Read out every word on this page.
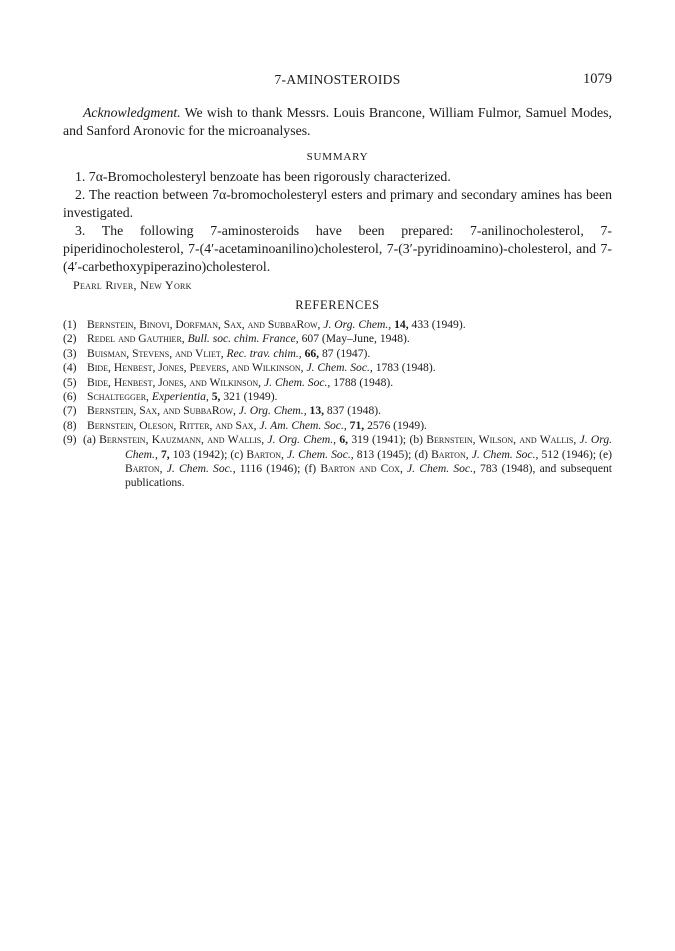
7-AMINOSTEROIDS	1079
Acknowledgment. We wish to thank Messrs. Louis Brancone, William Fulmor, Samuel Modes, and Sanford Aronovic for the microanalyses.
SUMMARY
1. 7α-Bromocholesteryl benzoate has been rigorously characterized.
2. The reaction between 7α-bromocholesteryl esters and primary and secondary amines has been investigated.
3. The following 7-aminosteroids have been prepared: 7-anilinocholesterol, 7-piperidinocholesterol, 7-(4′-acetaminoanilino)cholesterol, 7-(3′-pyridinoamino)-cholesterol, and 7-(4′-carbethoxypiperazino)cholesterol.
Pearl River, New York
REFERENCES
(1) Bernstein, Binovi, Dorfman, Sax, and SubbaRow, J. Org. Chem., 14, 433 (1949).
(2) Redel and Gauthier, Bull. soc. chim. France, 607 (May–June, 1948).
(3) Buisman, Stevens, and Vliet, Rec. trav. chim., 66, 87 (1947).
(4) Bide, Henbest, Jones, Peevers, and Wilkinson, J. Chem. Soc., 1783 (1948).
(5) Bide, Henbest, Jones, and Wilkinson, J. Chem. Soc., 1788 (1948).
(6) Schaltegger, Experientia, 5, 321 (1949).
(7) Bernstein, Sax, and SubbaRow, J. Org. Chem., 13, 837 (1948).
(8) Bernstein, Oleson, Ritter, and Sax, J. Am. Chem. Soc., 71, 2576 (1949).
(9) (a) Bernstein, Kauzmann, and Wallis, J. Org. Chem., 6, 319 (1941); (b) Bernstein, Wilson, and Wallis, J. Org. Chem., 7, 103 (1942); (c) Barton, J. Chem. Soc., 813 (1945); (d) Barton, J. Chem. Soc., 512 (1946); (e) Barton, J. Chem. Soc., 1116 (1946); (f) Barton and Cox, J. Chem. Soc., 783 (1948), and subsequent publications.
